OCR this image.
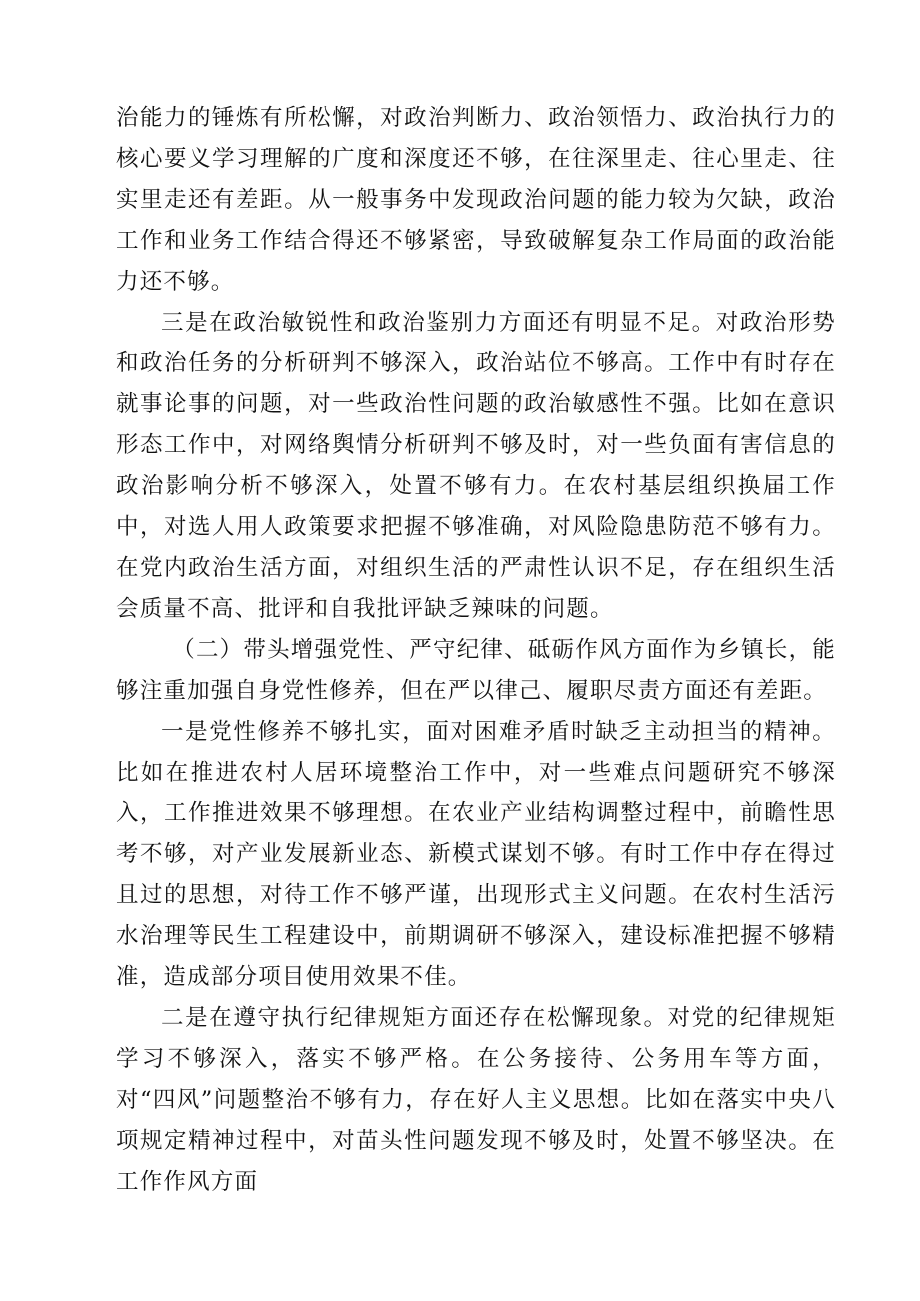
治能力的锤炼有所松懈，对政治判断力、政治领悟力、政治执行力的核心要义学习理解的广度和深度还不够，在往深里走、往心里走、往实里走还有差距。从一般事务中发现政治问题的能力较为欠缺，政治工作和业务工作结合得还不够紧密，导致破解复杂工作局面的政治能力还不够。

三是在政治敏锐性和政治鉴别力方面还有明显不足。对政治形势和政治任务的分析研判不够深入，政治站位不够高。工作中有时存在就事论事的问题，对一些政治性问题的政治敏感性不强。比如在意识形态工作中，对网络舆情分析研判不够及时，对一些负面有害信息的政治影响分析不够深入，处置不够有力。在农村基层组织换届工作中，对选人用人政策要求把握不够准确，对风险隐患防范不够有力。在党内政治生活方面，对组织生活的严肃性认识不足，存在组织生活会质量不高、批评和自我批评缺乏辣味的问题。

（二）带头增强党性、严守纪律、砥砺作风方面作为乡镇长，能够注重加强自身党性修养，但在严以律己、履职尽责方面还有差距。

一是党性修养不够扎实，面对困难矛盾时缺乏主动担当的精神。比如在推进农村人居环境整治工作中，对一些难点问题研究不够深入，工作推进效果不够理想。在农业产业结构调整过程中，前瞻性思考不够，对产业发展新业态、新模式谋划不够。有时工作中存在得过且过的思想，对待工作不够严谨，出现形式主义问题。在农村生活污水治理等民生工程建设中，前期调研不够深入，建设标准把握不够精准，造成部分项目使用效果不佳。

二是在遵守执行纪律规矩方面还存在松懈现象。对党的纪律规矩学习不够深入，落实不够严格。在公务接待、公务用车等方面，对“四风”问题整治不够有力，存在好人主义思想。比如在落实中央八项规定精神过程中，对苗头性问题发现不够及时，处置不够坚决。在工作作风方面
